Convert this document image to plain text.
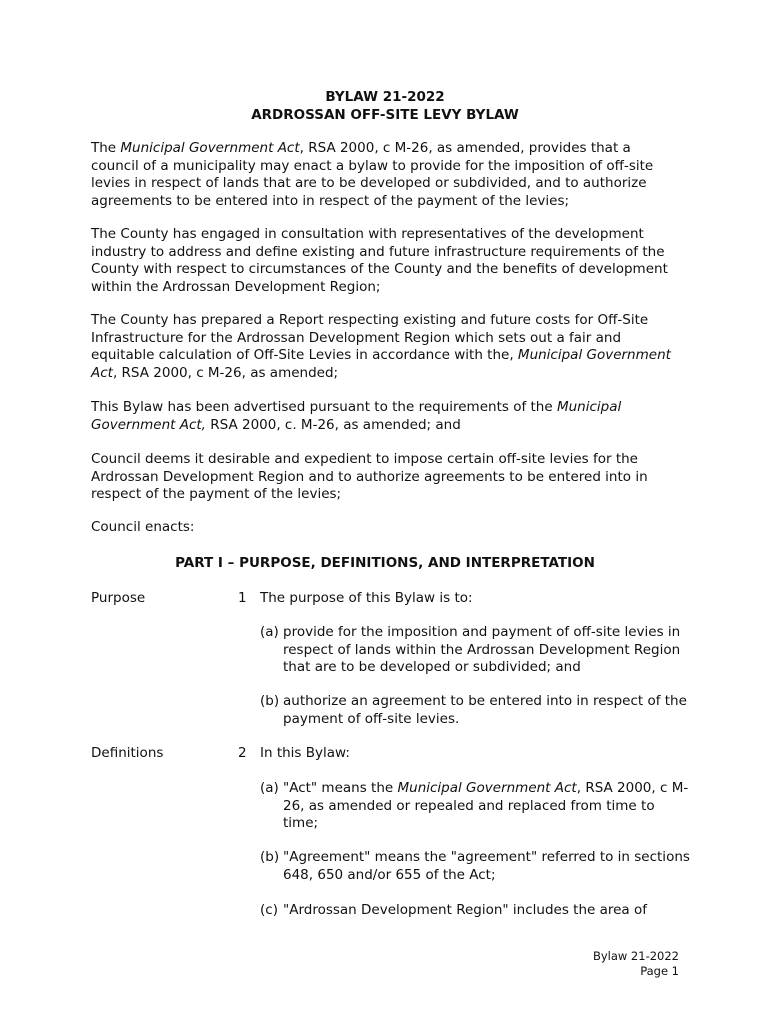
BYLAW 21-2022
ARDROSSAN OFF-SITE LEVY BYLAW
The Municipal Government Act, RSA 2000, c M-26, as amended, provides that a council of a municipality may enact a bylaw to provide for the imposition of off-site levies in respect of lands that are to be developed or subdivided, and to authorize agreements to be entered into in respect of the payment of the levies;
The County has engaged in consultation with representatives of the development industry to address and define existing and future infrastructure requirements of the County with respect to circumstances of the County and the benefits of development within the Ardrossan Development Region;
The County has prepared a Report respecting existing and future costs for Off-Site Infrastructure for the Ardrossan Development Region which sets out a fair and equitable calculation of Off-Site Levies in accordance with the, Municipal Government Act, RSA 2000, c M-26, as amended;
This Bylaw has been advertised pursuant to the requirements of the Municipal Government Act, RSA 2000, c. M-26, as amended; and
Council deems it desirable and expedient to impose certain off-site levies for the Ardrossan Development Region and to authorize agreements to be entered into in respect of the payment of the levies;
Council enacts:
PART I – PURPOSE, DEFINITIONS, AND INTERPRETATION
Purpose	1 The purpose of this Bylaw is to:
(a) provide for the imposition and payment of off-site levies in respect of lands within the Ardrossan Development Region that are to be developed or subdivided; and
(b) authorize an agreement to be entered into in respect of the payment of off-site levies.
Definitions	2 In this Bylaw:
(a) "Act" means the Municipal Government Act, RSA 2000, c M-26, as amended or repealed and replaced from time to time;
(b) "Agreement" means the "agreement" referred to in sections 648, 650 and/or 655 of the Act;
(c) "Ardrossan Development Region" includes the area of
Bylaw 21-2022
Page 1
